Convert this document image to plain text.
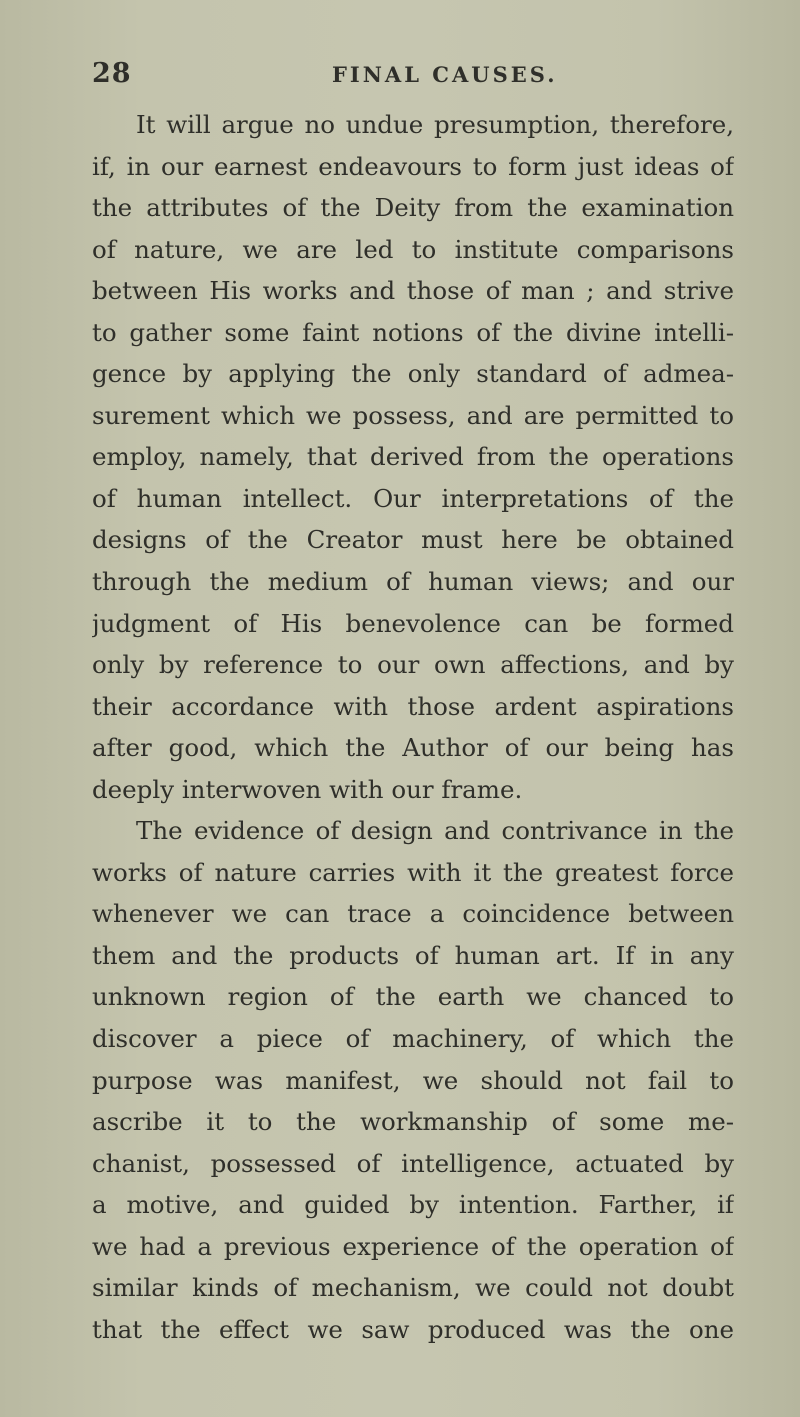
28	FINAL CAUSES.
It will argue no undue presumption, therefore,
if, in our earnest endeavours to form just ideas of
the attributes of the Deity from the examination
of nature, we are led to institute comparisons
between His works and those of man ; and strive
to gather some faint notions of the divine intelli-
gence by applying the only standard of admea-
surement which we possess, and are permitted to
employ, namely, that derived from the operations
of human intellect. Our interpretations of the
designs of the Creator must here be obtained
through the medium of human views; and our
judgment of His benevolence can be formed
only by reference to our own affections, and by
their accordance with those ardent aspirations
after good, which the Author of our being has
deeply interwoven with our frame.
The evidence of design and contrivance in the
works of nature carries with it the greatest force
whenever we can trace a coincidence between
them and the products of human art. If in any
unknown region of the earth we chanced to
discover a piece of machinery, of which the
purpose was manifest, we should not fail to
ascribe it to the workmanship of some me-
chanist, possessed of intelligence, actuated by
a motive, and guided by intention. Farther, if
we had a previous experience of the operation of
similar kinds of mechanism, we could not doubt
that the effect we saw produced was the one
